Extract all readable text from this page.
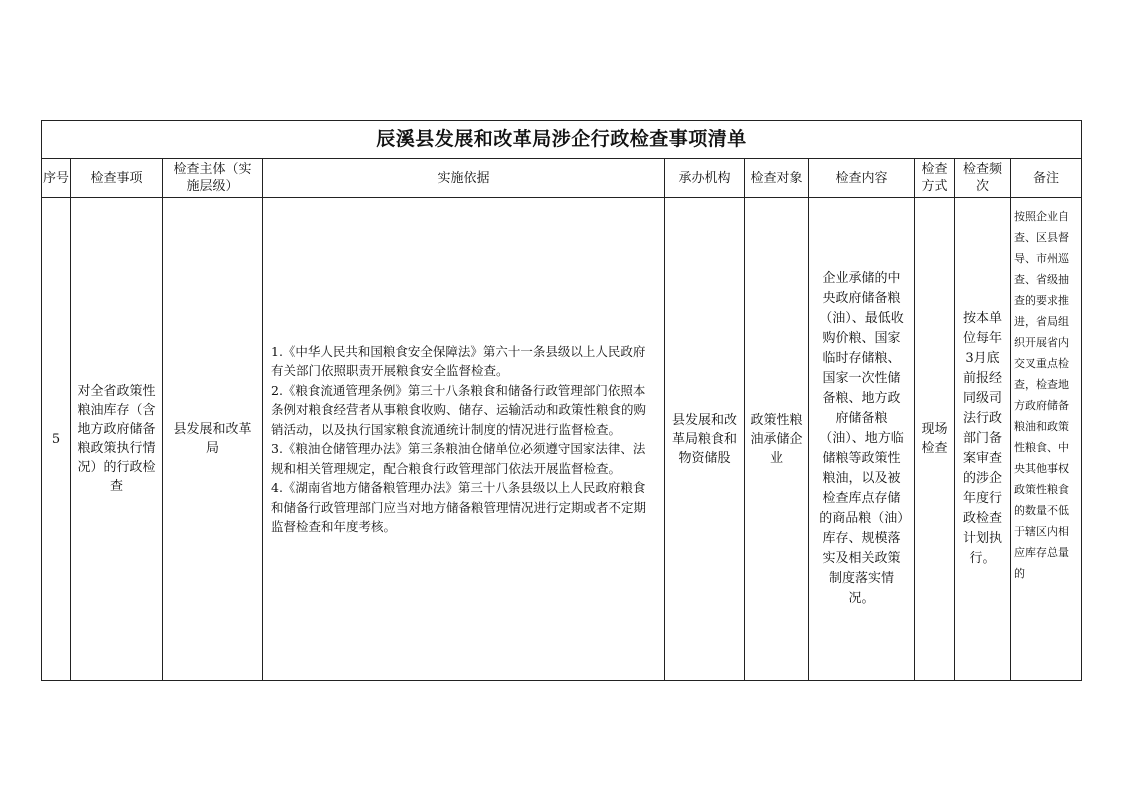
辰溪县发展和改革局涉企行政检查事项清单									
序号	检查事项	检查主体（实施层级）	实施依据	承办机构	检查对象	检查内容	检查方式	检查频次	备注
5	对全省政策性粮油库存（含地方政府储备粮政策执行情况）的行政检查	县发展和改革局	1.《中华人民共和国粮食安全保障法》第六十一条县级以上人民政府有关部门依照职责开展粮食安全监督检查。

2.《粮食流通管理条例》第三十八条粮食和储备行政管理部门依照本条例对粮食经营者从事粮食收购、储存、运输活动和政策性粮食的购销活动，以及执行国家粮食流通统计制度的情况进行监督检查。

3.《粮油仓储管理办法》第三条粮油仓储单位必须遵守国家法律、法规和相关管理规定，配合粮食行政管理部门依法开展监督检查。

4.《湖南省地方储备粮管理办法》第三十八条县级以上人民政府粮食和储备行政管理部门应当对地方储备粮管理情况进行定期或者不定期监督检查和年度考核。	县发展和改革局粮食和物资储股	政策性粮油承储企业	企业承储的中央政府储备粮（油）、最低收购价粮、国家临时存储粮、国家一次性储备粮、地方政府储备粮（油）、地方临储粮等政策性粮油，以及被检查库点存储的商品粮（油）库存、规模落实及相关政策制度落实情况。	现场检查	按本单位每年3月底前报经同级司法行政部门备案审查的涉企年度行政检查计划执行。	按照企业自查、区县督导、市州巡查、省级抽查的要求推进，省局组织开展省内交叉重点检查，检查地方政府储备粮油和政策性粮食、中央其他事权政策性粮食的数量不低于辖区内相应库存总量的
